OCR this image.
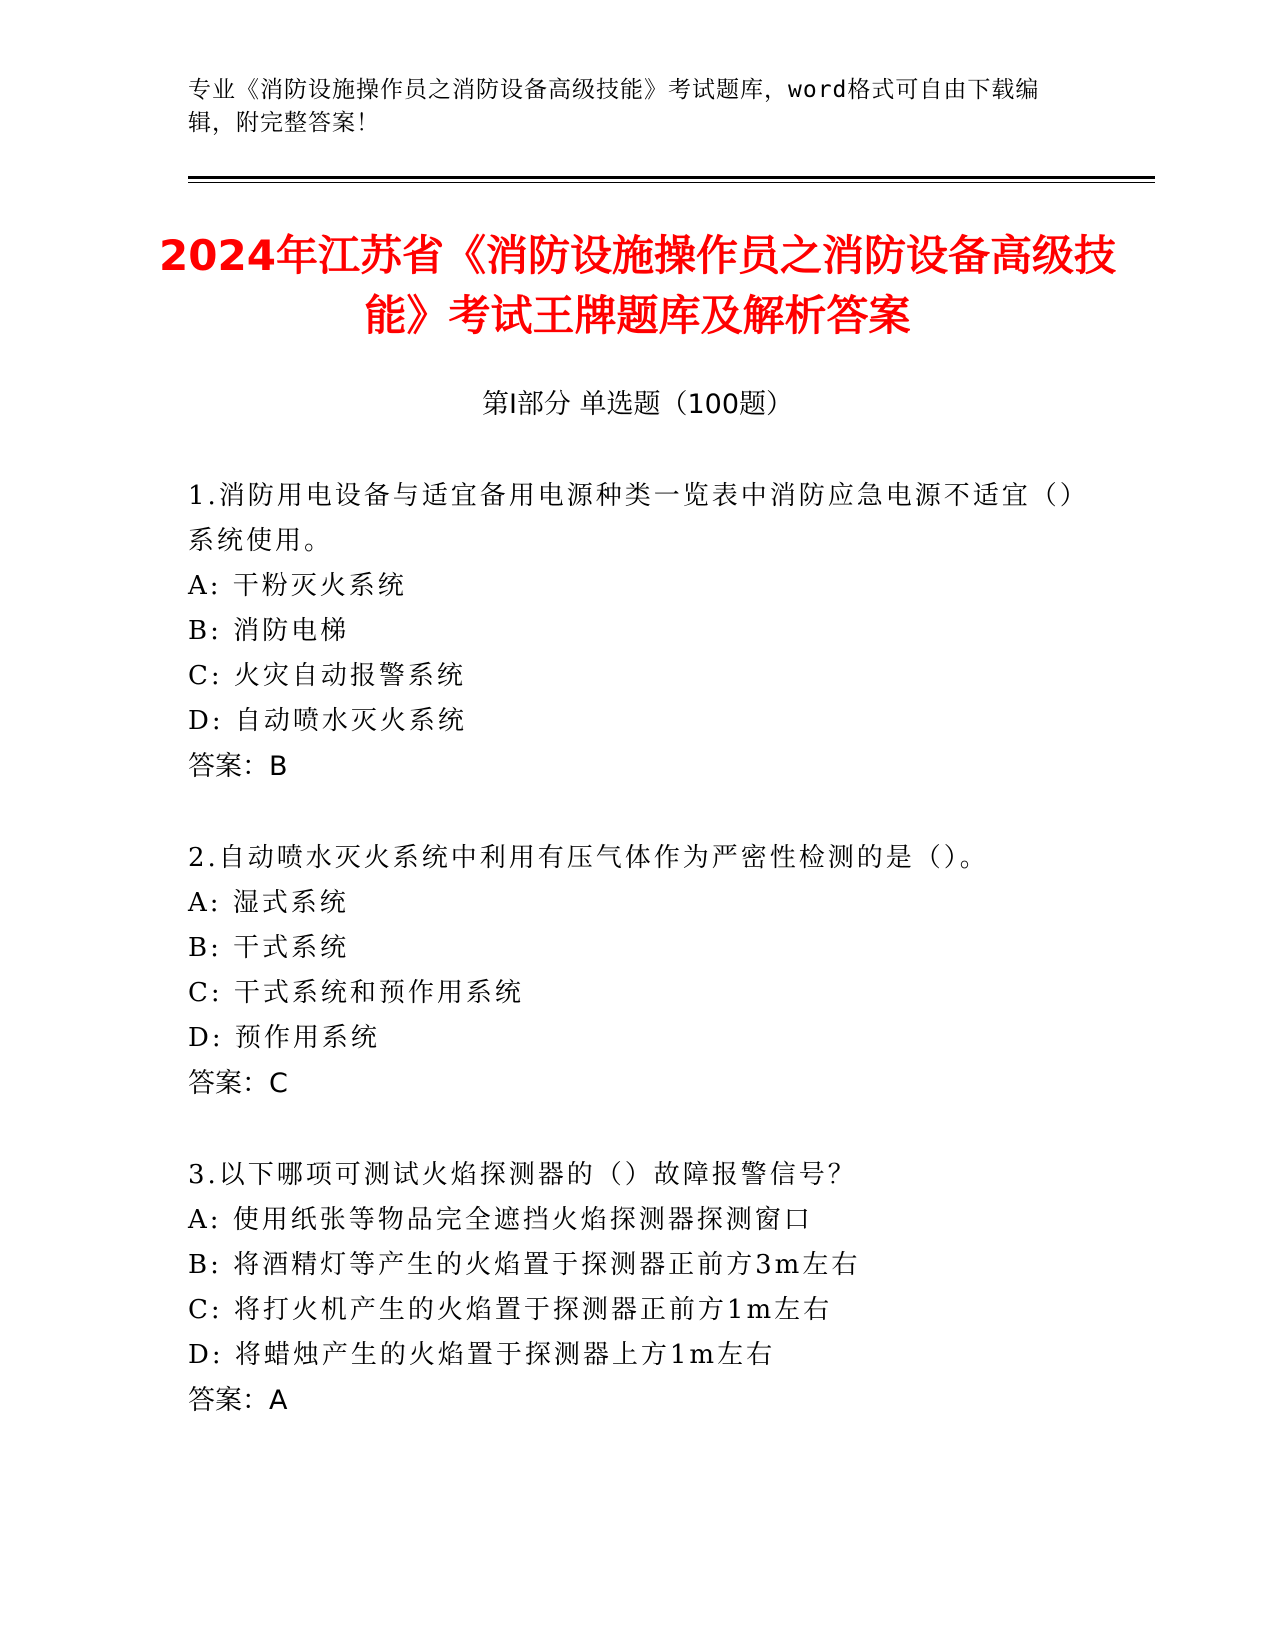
专业《消防设施操作员之消防设备高级技能》考试题库，word格式可自由下载编辑，附完整答案！
2024年江苏省《消防设施操作员之消防设备高级技能》考试王牌题库及解析答案
第Ⅰ部分 单选题（100题）
1.消防用电设备与适宜备用电源种类一览表中消防应急电源不适宜（）系统使用。
A: 干粉灭火系统
B: 消防电梯
C: 火灾自动报警系统
D: 自动喷水灭火系统
答案：B
2.自动喷水灭火系统中利用有压气体作为严密性检测的是（）。
A: 湿式系统
B: 干式系统
C: 干式系统和预作用系统
D: 预作用系统
答案：C
3.以下哪项可测试火焰探测器的（）故障报警信号？
A: 使用纸张等物品完全遮挡火焰探测器探测窗口
B: 将酒精灯等产生的火焰置于探测器正前方3m左右
C: 将打火机产生的火焰置于探测器正前方1m左右
D: 将蜡烛产生的火焰置于探测器上方1m左右
答案：A
